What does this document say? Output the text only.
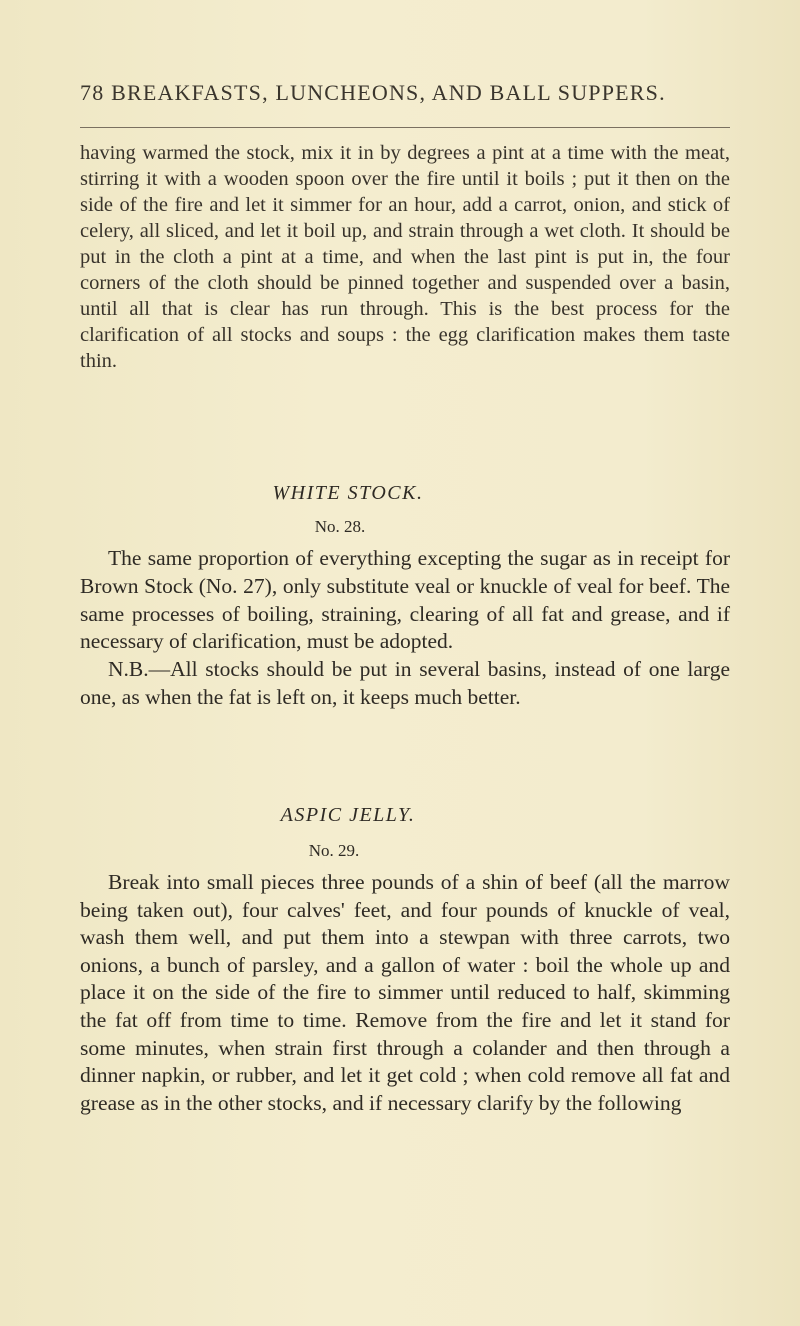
78 BREAKFASTS, LUNCHEONS, AND BALL SUPPERS.

having warmed the stock, mix it in by degrees a pint at a time with the meat, stirring it with a wooden spoon over the fire until it boils ; put it then on the side of the fire and let it simmer for an hour, add a carrot, onion, and stick of celery, all sliced, and let it boil up, and strain through a wet cloth. It should be put in the cloth a pint at a time, and when the last pint is put in, the four corners of the cloth should be pinned together and suspended over a basin, until all that is clear has run through. This is the best process for the clarification of all stocks and soups : the egg clarification makes them taste thin.

WHITE STOCK.
No. 28.

The same proportion of everything excepting the sugar as in receipt for Brown Stock (No. 27), only substitute veal or knuckle of veal for beef. The same processes of boiling, straining, clearing of all fat and grease, and if necessary of clarification, must be adopted.

N.B.—All stocks should be put in several basins, instead of one large one, as when the fat is left on, it keeps much better.

ASPIC JELLY.
No. 29.

Break into small pieces three pounds of a shin of beef (all the marrow being taken out), four calves' feet, and four pounds of knuckle of veal, wash them well, and put them into a stewpan with three carrots, two onions, a bunch of parsley, and a gallon of water : boil the whole up and place it on the side of the fire to simmer until reduced to half, skimming the fat off from time to time. Remove from the fire and let it stand for some minutes, when strain first through a colander and then through a dinner napkin, or rubber, and let it get cold ; when cold remove all fat and grease as in the other stocks, and if necessary clarify by the following
